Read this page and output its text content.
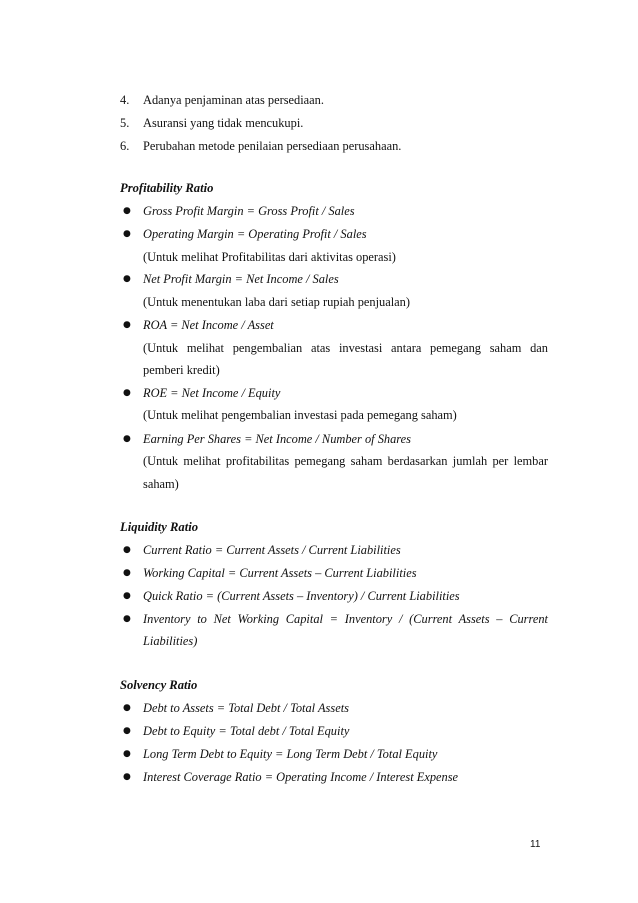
4.	Adanya penjaminan atas persediaan.
5.	Asuransi yang tidak mencukupi.
6.	Perubahan metode penilaian persediaan perusahaan.
Profitability Ratio
● Gross Profit Margin = Gross Profit / Sales
● Operating Margin = Operating Profit / Sales
(Untuk melihat Profitabilitas dari aktivitas operasi)
● Net Profit Margin = Net Income / Sales
(Untuk menentukan laba dari setiap rupiah penjualan)
● ROA = Net Income / Asset
(Untuk melihat pengembalian atas investasi antara pemegang saham dan
pemberi kredit)
● ROE = Net Income / Equity
(Untuk melihat pengembalian investasi pada pemegang saham)
● Earning Per Shares = Net Income / Number of Shares
(Untuk melihat profitabilitas pemegang saham berdasarkan jumlah per lembar
saham)
Liquidity Ratio
● Current Ratio = Current Assets / Current Liabilities
● Working Capital = Current Assets – Current Liabilities
● Quick Ratio = (Current Assets – Inventory) / Current Liabilities
● Inventory to Net Working Capital = Inventory / (Current Assets – Current
Liabilities)
Solvency Ratio
● Debt to Assets = Total Debt / Total Assets
● Debt to Equity = Total debt / Total Equity
● Long Term Debt to Equity = Long Term Debt / Total Equity
● Interest Coverage Ratio = Operating Income / Interest Expense
11
